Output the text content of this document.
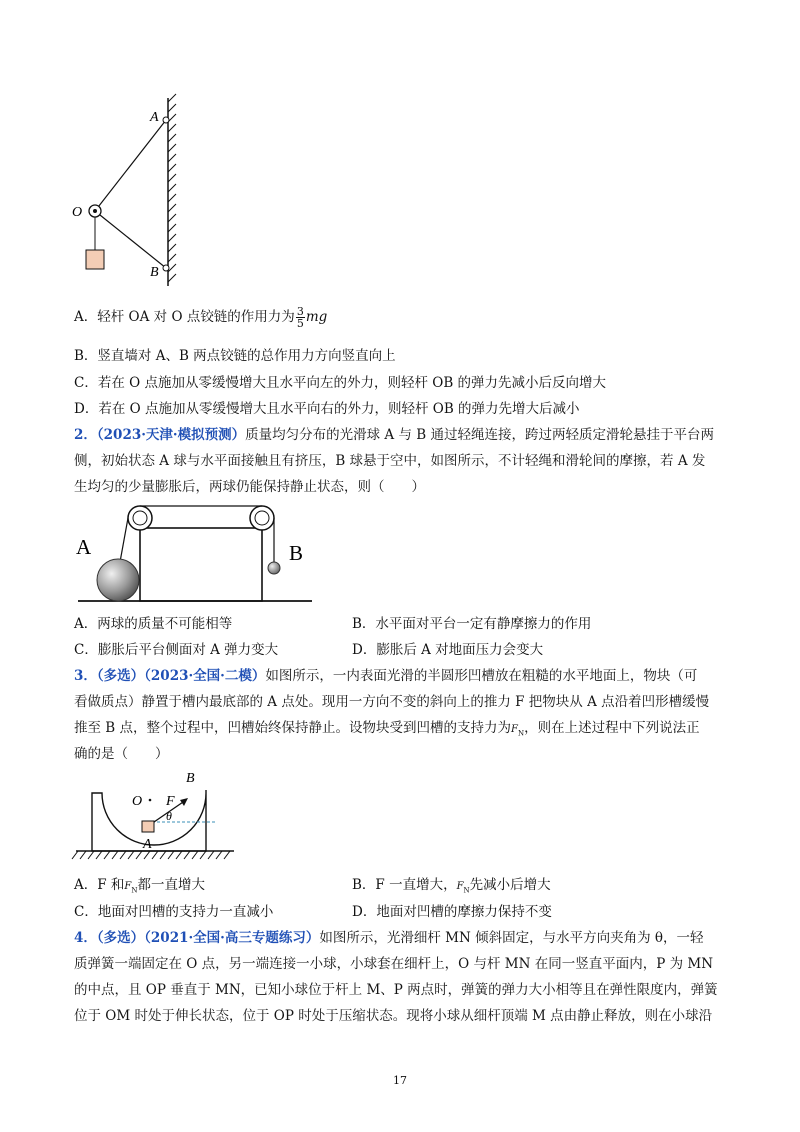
A
O
B
A．轻杆 OA 对 O 点铰链的作用力为 $\frac{3}{5}$ mg
B．竖直墙对 A、B 两点铰链的总作用力方向竖直向上
C．若在 O 点施加从零缓慢增大且水平向左的外力，则轻杆 OB 的弹力先减小后反向增大
D．若在 O 点施加从零缓慢增大且水平向右的外力，则轻杆 OB 的弹力先增大后减小
2．（2023·天津·模拟预测）质量均匀分布的光滑球 A 与 B 通过轻绳连接，跨过两轻质定滑轮悬挂于平台两
侧，初始状态 A 球与水平面接触且有挤压，B 球悬于空中，如图所示，不计轻绳和滑轮间的摩擦，若 A 发
生均匀的少量膨胀后，两球仍能保持静止状态，则（　　）
A	B
A．两球的质量不可能相等	B．水平面对平台一定有静摩擦力的作用
C．膨胀后平台侧面对 A 弹力变大	D．膨胀后 A 对地面压力会变大
3．（多选）（2023·全国·二模）如图所示，一内表面光滑的半圆形凹槽放在粗糙的水平地面上，物块（可
看做质点）静置于槽内最底部的 A 点处。现用一方向不变的斜向上的推力 F 把物块从 A 点沿着凹形槽缓慢
推至 B 点，整个过程中，凹槽始终保持静止。设物块受到凹槽的支持力为$F_N$，则在上述过程中下列说法正
确的是（　　）
O
B
F
θ
A
A．F 和$F_N$都一直增大	B．F 一直增大，$F_N$先减小后增大
C．地面对凹槽的支持力一直减小	D．地面对凹槽的摩擦力保持不变
4．（多选）（2021·全国·高三专题练习）如图所示，光滑细杆 MN 倾斜固定，与水平方向夹角为 θ，一轻
质弹簧一端固定在 O 点，另一端连接一小球，小球套在细杆上，O 与杆 MN 在同一竖直平面内，P 为 MN
的中点，且 OP 垂直于 MN，已知小球位于杆上 M、P 两点时，弹簧的弹力大小相等且在弹性限度内，弹簧
位于 OM 时处于伸长状态，位于 OP 时处于压缩状态。现将小球从细杆顶端 M 点由静止释放，则在小球沿
17
